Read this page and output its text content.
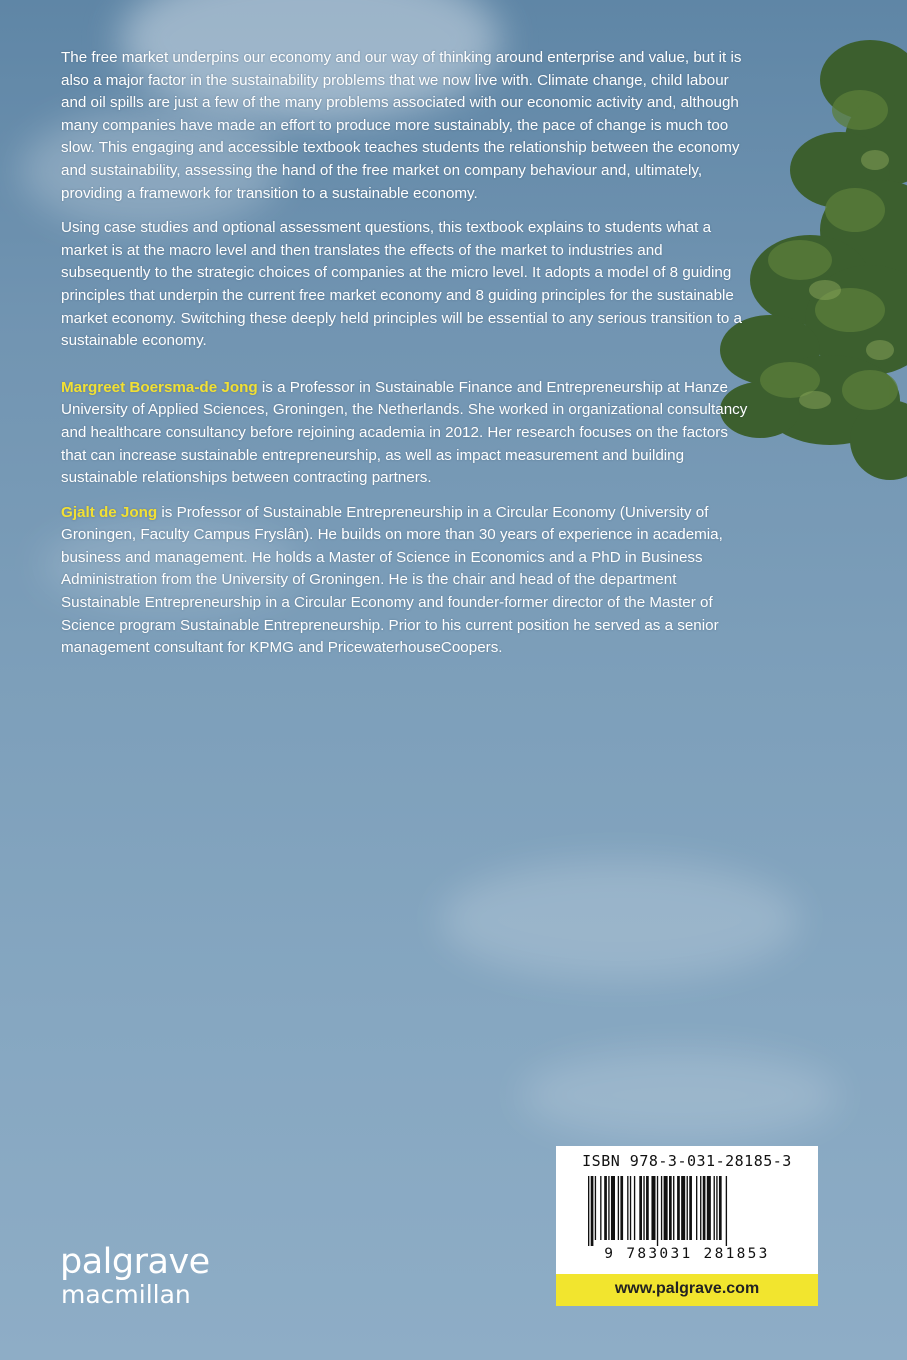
The free market underpins our economy and our way of thinking around enterprise and value, but it is also a major factor in the sustainability problems that we now live with. Climate change, child labour and oil spills are just a few of the many problems associated with our economic activity and, although many companies have made an effort to produce more sustainably, the pace of change is much too slow. This engaging and accessible textbook teaches students the relationship between the economy and sustainability, assessing the hand of the free market on company behaviour and, ultimately, providing a framework for transition to a sustainable economy.

Using case studies and optional assessment questions, this textbook explains to students what a market is at the macro level and then translates the effects of the market to industries and subsequently to the strategic choices of companies at the micro level. It adopts a model of 8 guiding principles that underpin the current free market economy and 8 guiding principles for the sustainable market economy. Switching these deeply held principles will be essential to any serious transition to a sustainable economy.

Margreet Boersma-de Jong is a Professor in Sustainable Finance and Entrepreneurship at Hanze University of Applied Sciences, Groningen, the Netherlands. She worked in organizational consultancy and healthcare consultancy before rejoining academia in 2012. Her research focuses on the factors that can increase sustainable entrepreneurship, as well as impact measurement and building sustainable relationships between contracting partners.

Gjalt de Jong is Professor of Sustainable Entrepreneurship in a Circular Economy (University of Groningen, Faculty Campus Fryslân). He builds on more than 30 years of experience in academia, business and management. He holds a Master of Science in Economics and a PhD in Business Administration from the University of Groningen. He is the chair and head of the department Sustainable Entrepreneurship in a Circular Economy and founder-former director of the Master of Science program Sustainable Entrepreneurship. Prior to his current position he served as a senior management consultant for KPMG and PricewaterhouseCoopers.

palgrave
macmillan
ISBN 978-3-031-28185-3
9 783031 281853
www.palgrave.com
